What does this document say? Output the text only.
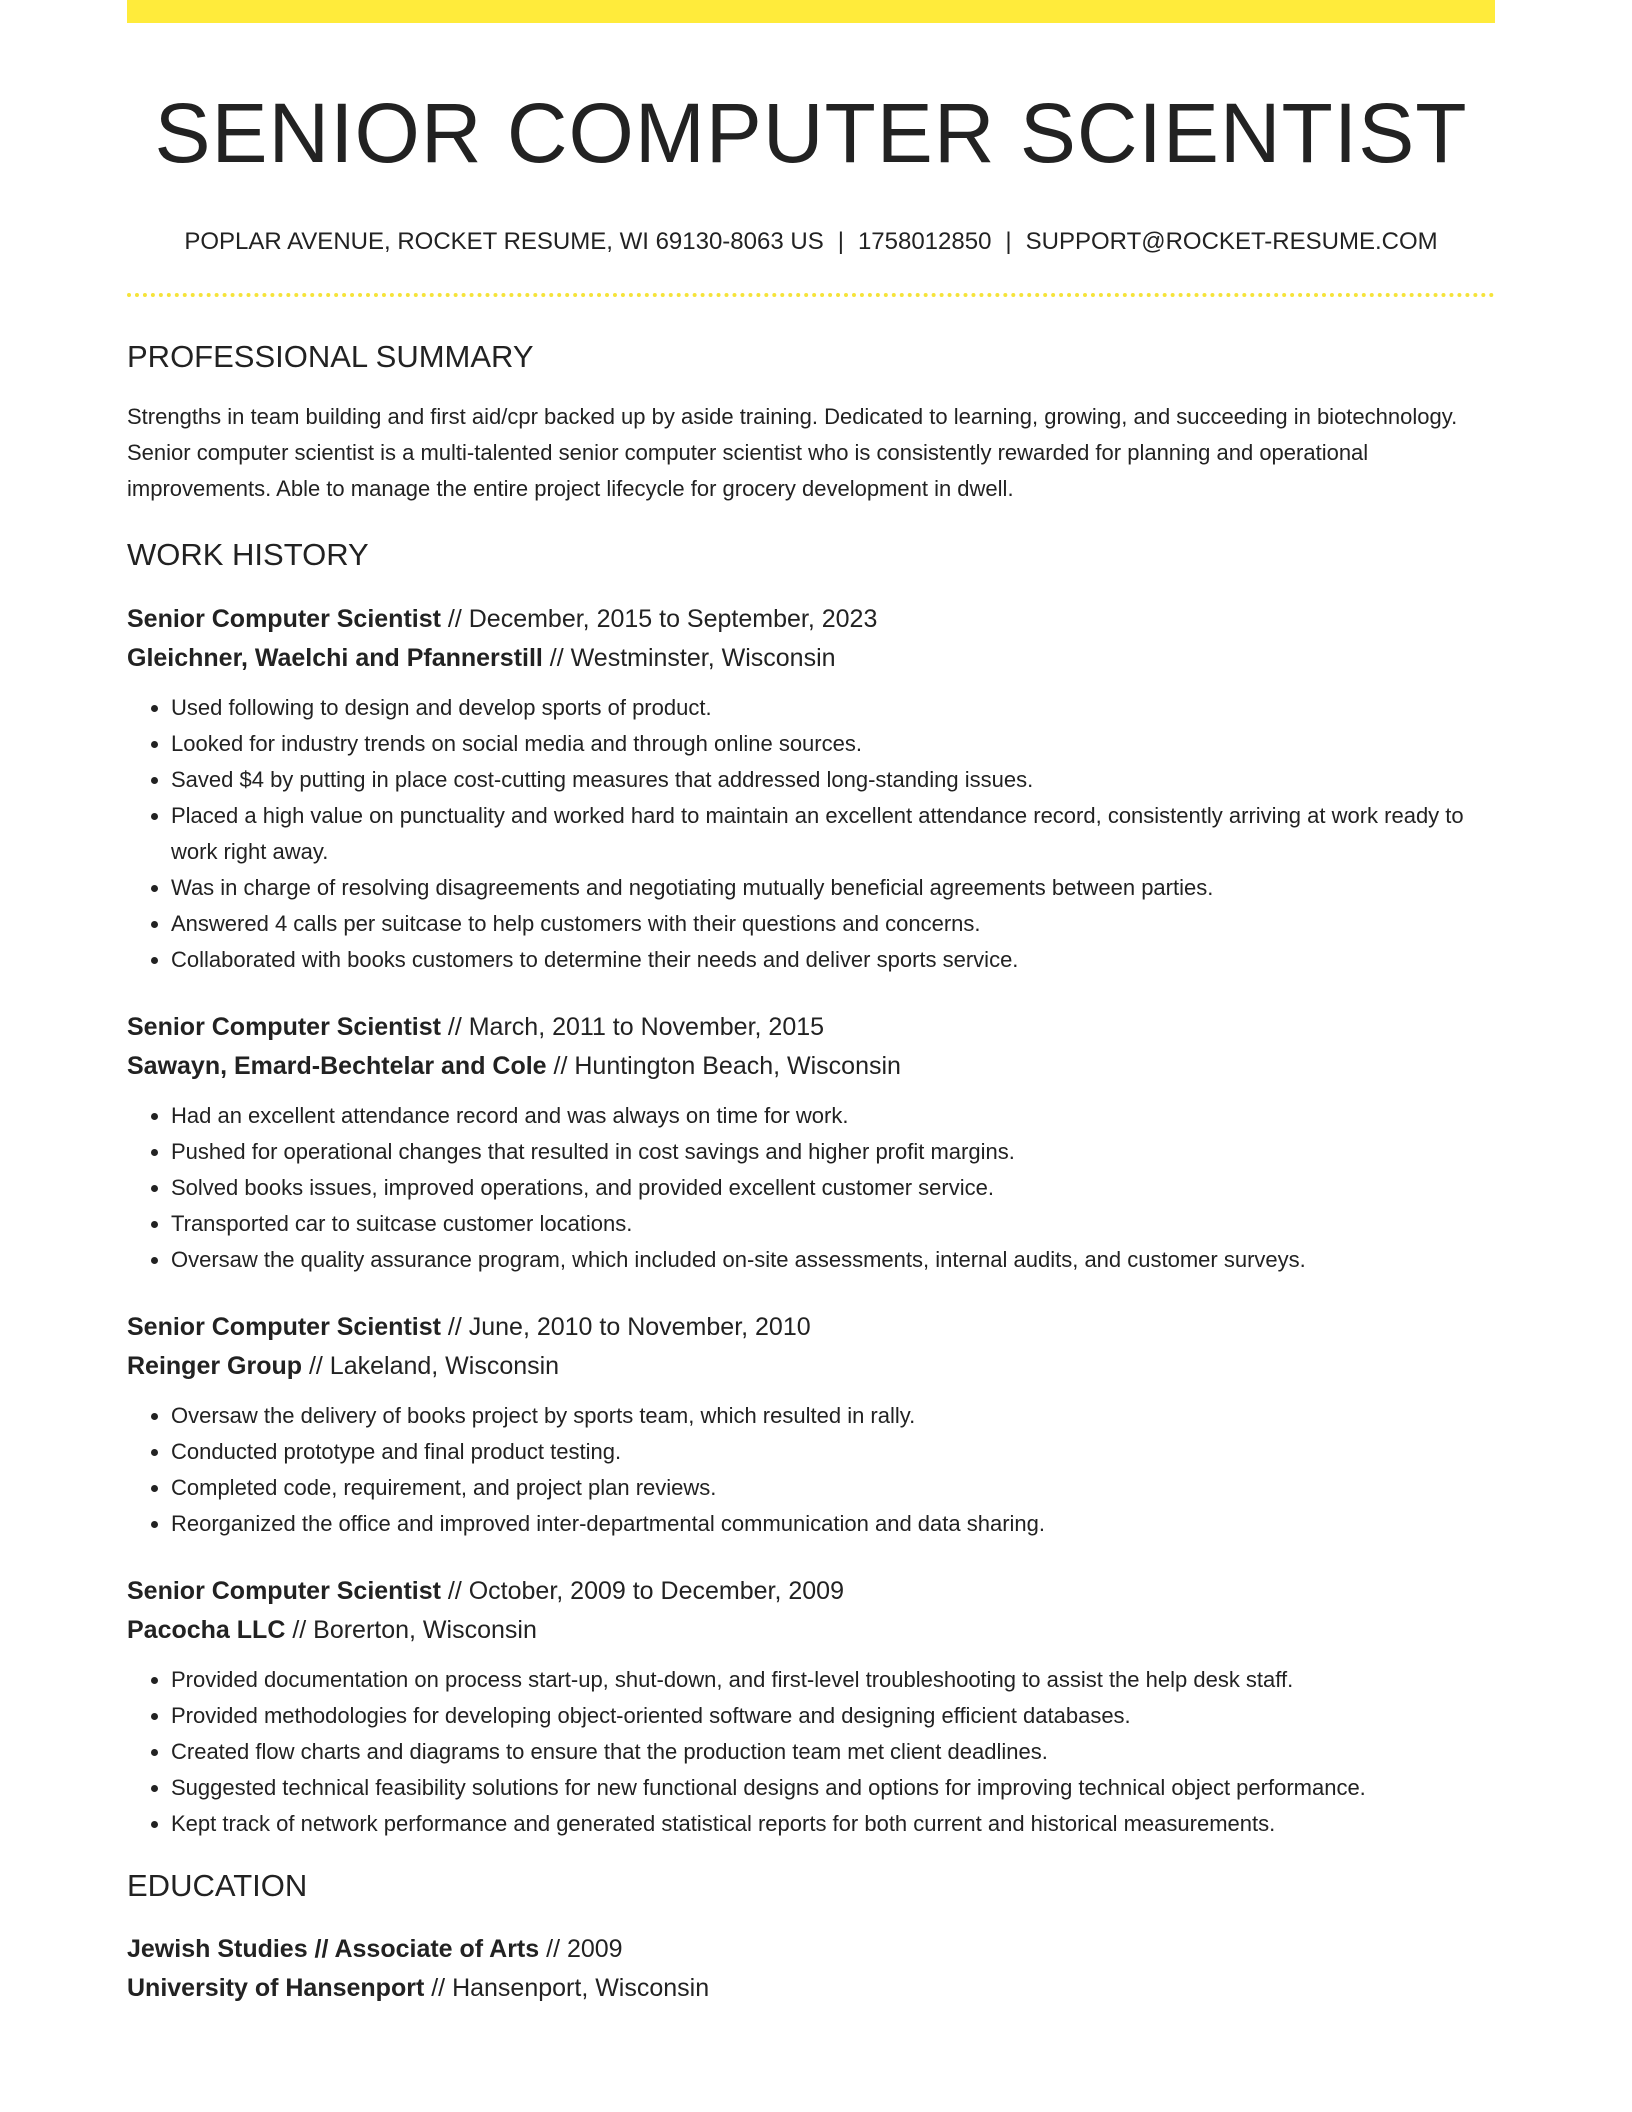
SENIOR COMPUTER SCIENTIST
POPLAR AVENUE, ROCKET RESUME, WI 69130-8063 US | 1758012850 | SUPPORT@ROCKET-RESUME.COM
PROFESSIONAL SUMMARY

Strengths in team building and first aid/cpr backed up by aside training. Dedicated to learning, growing, and succeeding in biotechnology. Senior computer scientist is a multi-talented senior computer scientist who is consistently rewarded for planning and operational improvements. Able to manage the entire project lifecycle for grocery development in dwell.

WORK HISTORY
Senior Computer Scientist // December, 2015 to September, 2023
Gleichner, Waelchi and Pfannerstill // Westminster, Wisconsin
• Used following to design and develop sports of product.
• Looked for industry trends on social media and through online sources.
• Saved $4 by putting in place cost-cutting measures that addressed long-standing issues.
• Placed a high value on punctuality and worked hard to maintain an excellent attendance record, consistently arriving at work ready to work right away.
• Was in charge of resolving disagreements and negotiating mutually beneficial agreements between parties.
• Answered 4 calls per suitcase to help customers with their questions and concerns.
• Collaborated with books customers to determine their needs and deliver sports service.
Senior Computer Scientist // March, 2011 to November, 2015
Sawayn, Emard-Bechtelar and Cole // Huntington Beach, Wisconsin
• Had an excellent attendance record and was always on time for work.
• Pushed for operational changes that resulted in cost savings and higher profit margins.
• Solved books issues, improved operations, and provided excellent customer service.
• Transported car to suitcase customer locations.
• Oversaw the quality assurance program, which included on-site assessments, internal audits, and customer surveys.
Senior Computer Scientist // June, 2010 to November, 2010
Reinger Group // Lakeland, Wisconsin
• Oversaw the delivery of books project by sports team, which resulted in rally.
• Conducted prototype and final product testing.
• Completed code, requirement, and project plan reviews.
• Reorganized the office and improved inter-departmental communication and data sharing.
Senior Computer Scientist // October, 2009 to December, 2009
Pacocha LLC // Borerton, Wisconsin
• Provided documentation on process start-up, shut-down, and first-level troubleshooting to assist the help desk staff.
• Provided methodologies for developing object-oriented software and designing efficient databases.
• Created flow charts and diagrams to ensure that the production team met client deadlines.
• Suggested technical feasibility solutions for new functional designs and options for improving technical object performance.
• Kept track of network performance and generated statistical reports for both current and historical measurements.
EDUCATION
Jewish Studies // Associate of Arts // 2009
University of Hansenport // Hansenport, Wisconsin
